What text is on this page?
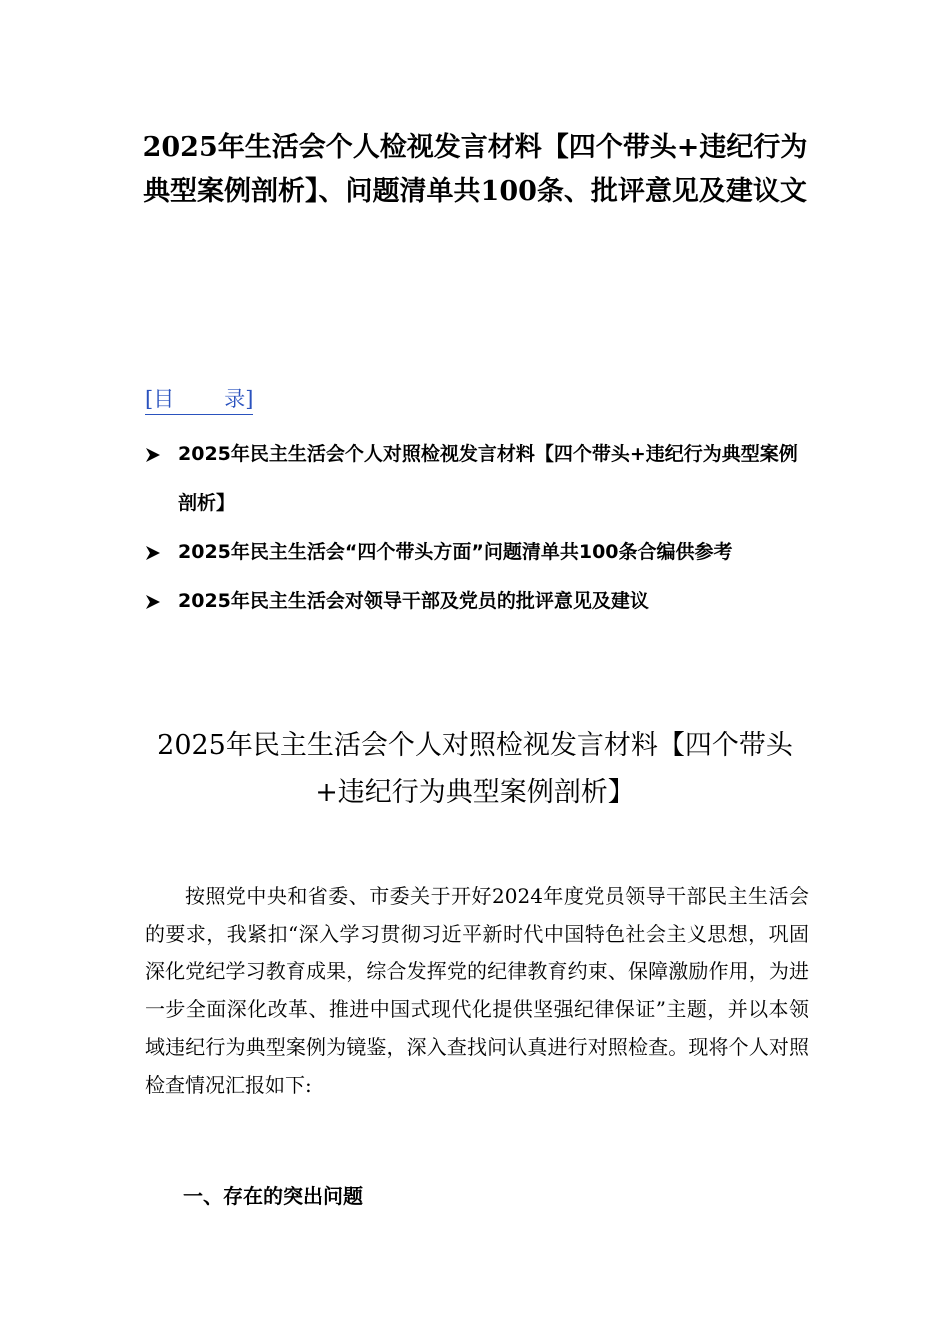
2025年生活会个人检视发言材料【四个带头+违纪行为典型案例剖析】、问题清单共100条、批评意见及建议文
[目 录]
2025年民主生活会个人对照检视发言材料【四个带头+违纪行为典型案例剖析】
2025年民主生活会“四个带头方面”问题清单共100条合编供参考
2025年民主生活会对领导干部及党员的批评意见及建议
2025年民主生活会个人对照检视发言材料【四个带头+违纪行为典型案例剖析】

按照党中央和省委、市委关于开好2024年度党员领导干部民主生活会的要求，我紧扣“深入学习贯彻习近平新时代中国特色社会主义思想，巩固深化党纪学习教育成果，综合发挥党的纪律教育约束、保障激励作用，为进一步全面深化改革、推进中国式现代化提供坚强纪律保证”主题，并以本领域违纪行为典型案例为镜鉴，深入查找问认真进行对照检查。现将个人对照检查情况汇报如下:

一、存在的突出问题
